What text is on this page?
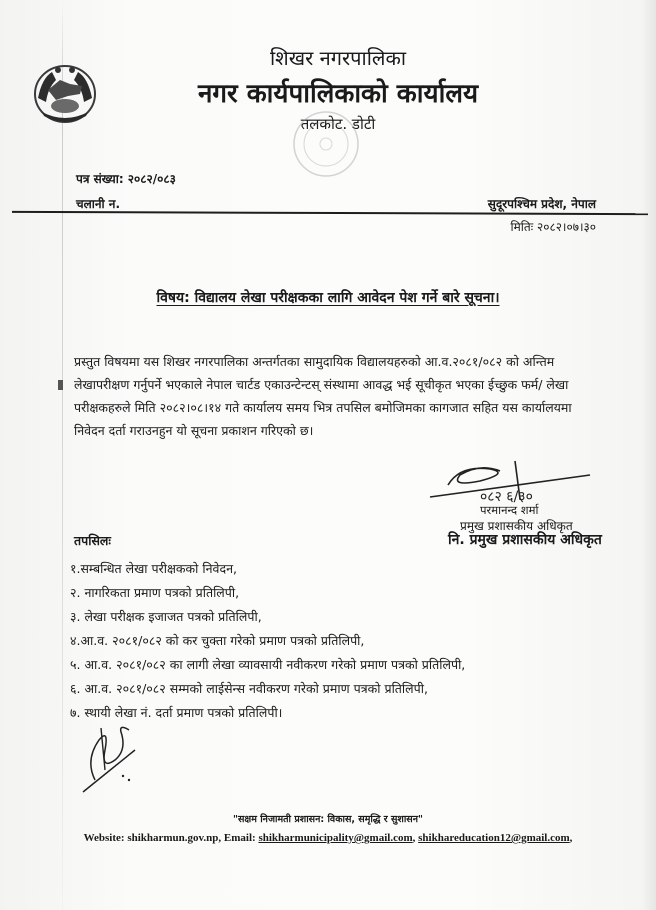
शिखर नगरपालिका
नगर कार्यपालिकाको कार्यालय
तलकोट. डोटी
पत्र संख्या: २०८२/०८३
चलानी न.	सुदूरपश्चिम प्रदेश, नेपाल
मितिः २०८२।०७।३०
विषय: विद्यालय लेखा परीक्षकका लागि आवेदन पेश गर्ने बारे सूचना।
प्रस्तुत विषयमा यस शिखर नगरपालिका अन्तर्गतका सामुदायिक विद्यालयहरुको आ.व.२०८१/०८२ को अन्तिम
लेखापरीक्षण गर्नुपर्ने भएकाले नेपाल चार्टड एकाउन्टेन्टस् संस्थामा आवद्ध भई सूचीकृत भएका ईच्छुक फर्म/ लेखा
परीक्षकहरुले मिति २०८२।०८।१४ गते कार्यालय समय भित्र तपसिल बमोजिमका कागजात सहित यस कार्यालयमा
निवेदन दर्ता गराउनहुन यो सूचना प्रकाशन गरिएको छ।
०८२ ६/३०
परमानन्द शर्मा
प्रमुख प्रशासकीय अधिकृत
नि. प्रमुख प्रशासकीय अधिकृत
तपसिलः
१.सम्बन्धित लेखा परीक्षकको निवेदन,
२. नागरिकता प्रमाण पत्रको प्रतिलिपी,
३. लेखा परीक्षक इजाजत पत्रको प्रतिलिपी,
४.आ.व. २०८१/०८२ को कर चुक्ता गरेको प्रमाण पत्रको प्रतिलिपी,
५. आ.व. २०८१/०८२ का लागी लेखा व्यावसायी नवीकरण गरेको प्रमाण पत्रको प्रतिलिपी,
६. आ.व. २०८१/०८२ सम्मको लाईसेन्स नवीकरण गरेको प्रमाण पत्रको प्रतिलिपी,
७. स्थायी लेखा नं. दर्ता प्रमाण पत्रको प्रतिलिपी।
"सक्षम निजामती प्रशासन: विकास, समृद्धि र सुशासन"
Website: shikharmun.gov.np, Email: shikharmunicipality@gmail.com, shikhareducation12@gmail.com,
